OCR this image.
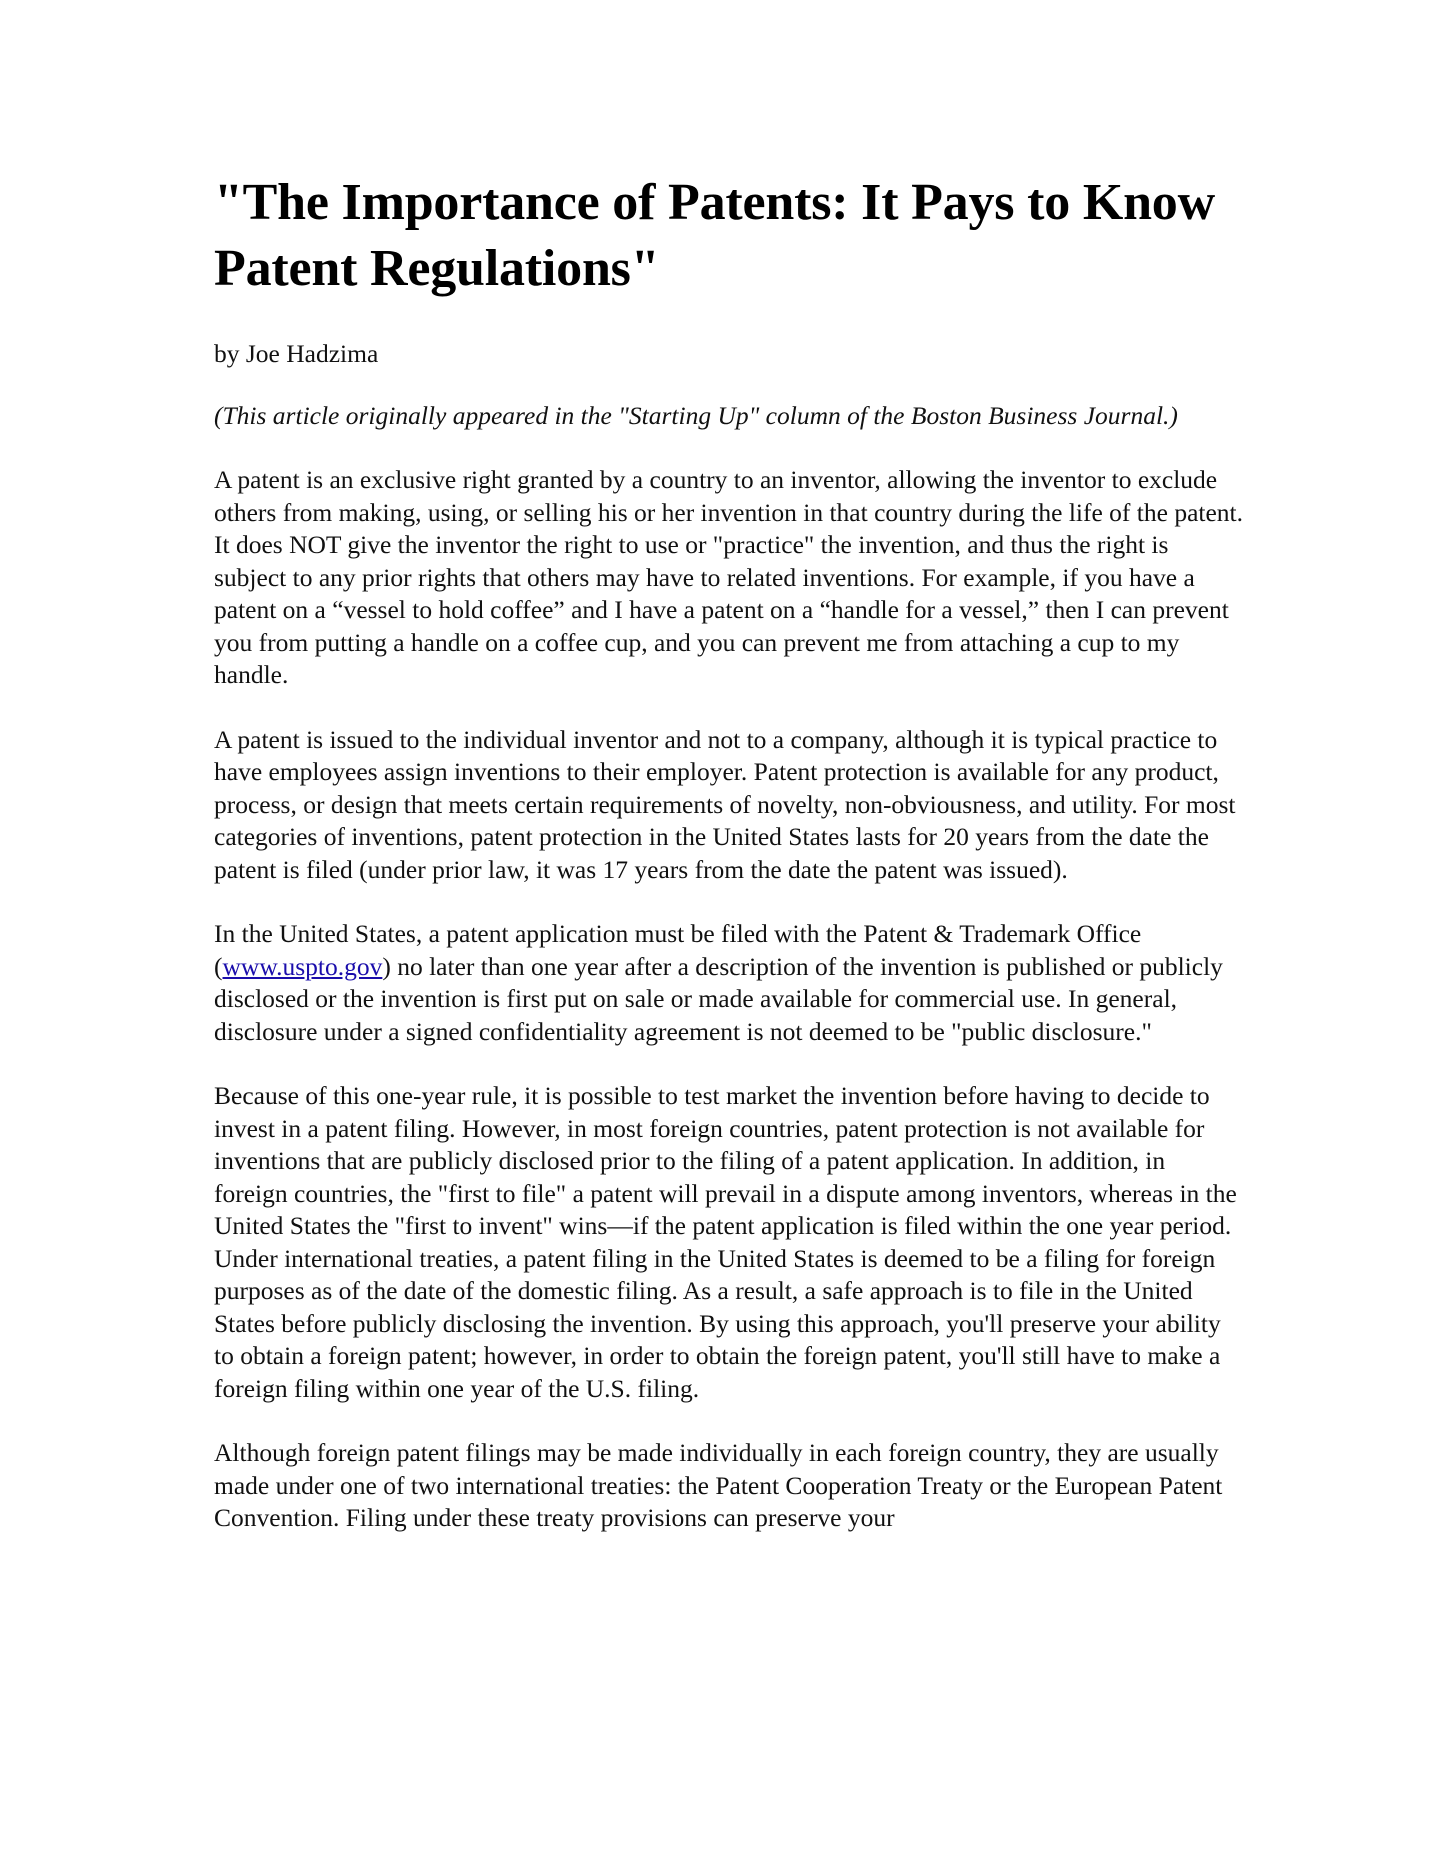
"The Importance of Patents: It Pays to Know Patent Regulations"
by Joe Hadzima
(This article originally appeared in the "Starting Up" column of the Boston Business Journal.)

A patent is an exclusive right granted by a country to an inventor, allowing the inventor to exclude others from making, using, or selling his or her invention in that country during the life of the patent. It does NOT give the inventor the right to use or "practice" the invention, and thus the right is subject to any prior rights that others may have to related inventions. For example, if you have a patent on a “vessel to hold coffee” and I have a patent on a “handle for a vessel,” then I can prevent you from putting a handle on a coffee cup, and you can prevent me from attaching a cup to my handle.

A patent is issued to the individual inventor and not to a company, although it is typical practice to have employees assign inventions to their employer. Patent protection is available for any product, process, or design that meets certain requirements of novelty, non-obviousness, and utility. For most categories of inventions, patent protection in the United States lasts for 20 years from the date the patent is filed (under prior law, it was 17 years from the date the patent was issued).

In the United States, a patent application must be filed with the Patent & Trademark Office (www.uspto.gov) no later than one year after a description of the invention is published or publicly disclosed or the invention is first put on sale or made available for commercial use. In general, disclosure under a signed confidentiality agreement is not deemed to be "public disclosure."

Because of this one-year rule, it is possible to test market the invention before having to decide to invest in a patent filing. However, in most foreign countries, patent protection is not available for inventions that are publicly disclosed prior to the filing of a patent application. In addition, in foreign countries, the "first to file" a patent will prevail in a dispute among inventors, whereas in the United States the "first to invent" wins—if the patent application is filed within the one year period. Under international treaties, a patent filing in the United States is deemed to be a filing for foreign purposes as of the date of the domestic filing. As a result, a safe approach is to file in the United States before publicly disclosing the invention. By using this approach, you'll preserve your ability to obtain a foreign patent; however, in order to obtain the foreign patent, you'll still have to make a foreign filing within one year of the U.S. filing.

Although foreign patent filings may be made individually in each foreign country, they are usually made under one of two international treaties: the Patent Cooperation Treaty or the European Patent Convention. Filing under these treaty provisions can preserve your
